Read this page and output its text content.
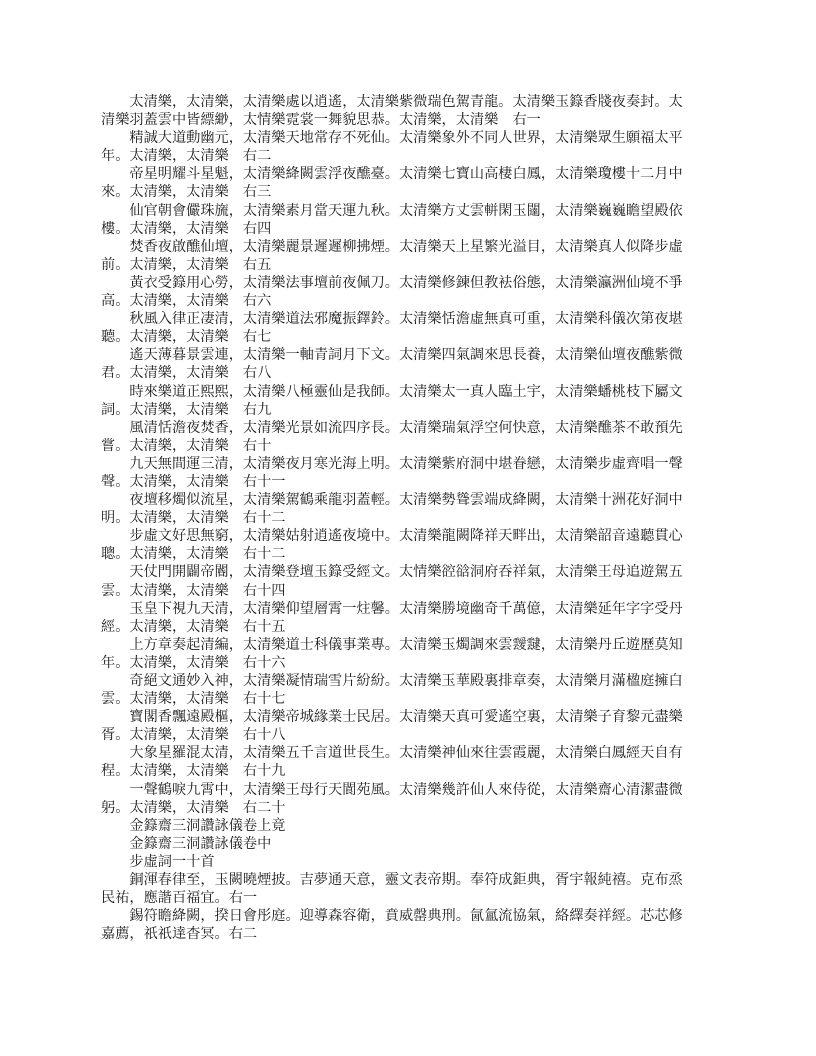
　　太清樂，太清樂，太清樂處以逍遙，太清樂紫微瑞色駕青龍。太清樂玉籙香牋夜奏封。太
清樂羽蓋雲中皆縹緲，太情樂霓裳一舞貌思恭。太清樂，太清樂　右一
　　精誠大道動幽元，太清樂天地常存不死仙。太清樂象外不同人世界，太清樂眾生願福太平
年。太清樂，太清樂　右二
　　帝星明耀斗星魁，太清樂絳闕雲浮夜醮臺。太清樂七寶山高棲白鳳，太清樂瓊樓十二月中
來。太清樂，太清樂　右三
　　仙官朝會儼珠旒，太清樂素月當天運九秋。太清樂方丈雲軿閑玉闥，太清樂巍巍瞻望殿依
樓。太清樂，太清樂　右四
　　焚香夜啟醮仙壇，太清樂麗景遲遲柳拂煙。太清樂天上星繁光溢目，太清樂真人似降步虛
前。太清樂，太清樂　右五
　　黃衣受籙用心勞，太清樂法事壇前夜佩刀。太清樂修鍊但教袪俗態，太清樂瀛洲仙境不爭
高。太清樂，太清樂　右六
　　秋風入律正凄清，太清樂道法邪魔振鐸鈴。太清樂恬澹虛無真可重，太清樂科儀次第夜堪
聽。太清樂，太清樂　右七
　　遙天薄暮景雲連，太清樂一軸青詞月下文。太清樂四氣調來思長養，太清樂仙壇夜醮紫微
君。太清樂，太清樂　右八
　　時來樂道正熙熙，太清樂八極靈仙是我師。太清樂太一真人臨土宇，太清樂蟠桃枝下屬文
詞。太清樂，太清樂　右九
　　風清恬澹夜焚香，太清樂光景如流四序長。太清樂瑞氣浮空何快意，太清樂醮茶不敢預先
嘗。太清樂，太清樂　右十
　　九天無間運三清，太清樂夜月寒光海上明。太清樂紫府洞中堪眷戀，太清樂步虛齊唱一聲
聲。太清樂，太清樂　右十一
　　夜壇移燭似流星，太清樂駕鶴乘龍羽蓋輕。太清樂勢聳雲端成絳闕，太清樂十洲花好洞中
明。太清樂，太清樂　右十二
　　步虛文好思無窮，太清樂姑射逍遙夜境中。太清樂龍闕降祥天畔出，太清樂韶音遠聽貫心
聰。太清樂，太清樂　右十二
　　天仗門開闢帝閽，太清樂登壇玉籙受經文。太情樂谾谽洞府吞祥氣，太清樂王母追遊駕五
雲。太清樂，太清樂　右十四
　　玉皇下視九天清，太清樂仰望層霄一炷馨。太清樂勝境幽奇千萬億，太清樂延年字字受丹
經。太清樂，太清樂　右十五
　　上方章奏起清編，太清樂道士科儀事業專。太清樂玉燭調來雲靉靆，太清樂丹丘遊歷莫知
年。太清樂，太清樂　右十六
　　奇絕文通妙入神，太清樂凝情瑞雪片紛紛。太清樂玉華殿裏排章奏，太清樂月滿楹庭擁白
雲。太清樂，太清樂　右十七
　　寶閣香飄遠殿樞，太清樂帝城緣業士民居。太清樂天真可愛遙空裏，太清樂子育黎元盡樂
胥。太清樂，太清樂　右十八
　　大象星羅混太清，太清樂五千言道世長生。太清樂神仙來往雲霞麗，太清樂白鳳經天自有
程。太清樂，太清樂　右十九
　　一聲鶴唳九霄中，太清樂王母行天閬苑風。太清樂幾許仙人來侍從，太清樂齋心清潔盡微
躬。太清樂，太清樂　右二十
　　金籙齋三洞讚詠儀卷上竟
　　金籙齋三洞讚詠儀卷中
　　步虛詞一十首
　　銅渾春律至，玉闕曉煙披。吉夢通天意，靈文表帝期。奉符成鉅典，胥宇報純禧。克布烝
民祐，應諧百福宜。右一
　　錫符瞻絳闕，揆日會彤庭。迎導森容衛，賁威罄典刑。氤氳流協氣，絡繹奏祥經。芯芯修
嘉薦，祇祇達杳冥。右二
